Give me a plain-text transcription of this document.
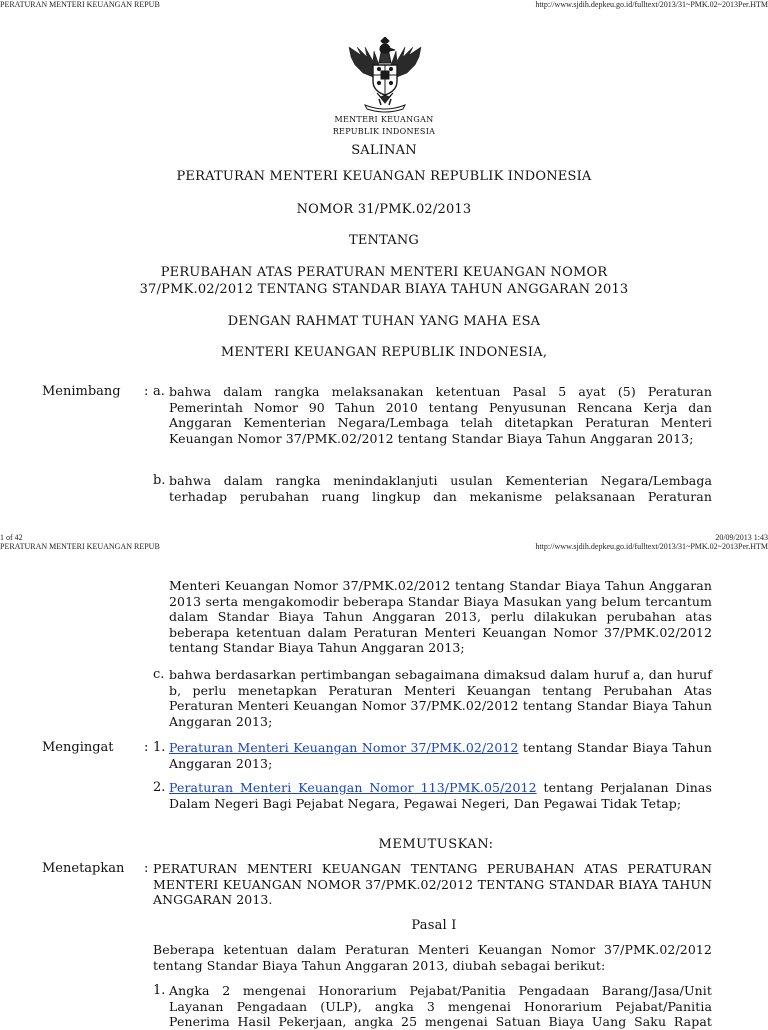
PERATURAN MENTERI KEUANGAN REPUB	http://www.sjdih.depkeu.go.id/fulltext/2013/31~PMK.02~2013Per.HTM
MENTERI KEUANGAN
REPUBLIK INDONESIA
SALINAN
PERATURAN MENTERI KEUANGAN REPUBLIK INDONESIA
NOMOR 31/PMK.02/2013
TENTANG
PERUBAHAN ATAS PERATURAN MENTERI KEUANGAN NOMOR
37/PMK.02/2012 TENTANG STANDAR BIAYA TAHUN ANGGARAN 2013
DENGAN RAHMAT TUHAN YANG MAHA ESA
MENTERI KEUANGAN REPUBLIK INDONESIA,
Menimbang : a. bahwa dalam rangka melaksanakan ketentuan Pasal 5 ayat (5) Peraturan Pemerintah Nomor 90 Tahun 2010 tentang Penyusunan Rencana Kerja dan Anggaran Kementerian Negara/Lembaga telah ditetapkan Peraturan Menteri Keuangan Nomor 37/PMK.02/2012 tentang Standar Biaya Tahun Anggaran 2013;
b. bahwa dalam rangka menindaklanjuti usulan Kementerian Negara/Lembaga terhadap perubahan ruang lingkup dan mekanisme pelaksanaan Peraturan
1 of 42	20/09/2013 1:43
PERATURAN MENTERI KEUANGAN REPUB	http://www.sjdih.depkeu.go.id/fulltext/2013/31~PMK.02~2013Per.HTM
Menteri Keuangan Nomor 37/PMK.02/2012 tentang Standar Biaya Tahun Anggaran 2013 serta mengakomodir beberapa Standar Biaya Masukan yang belum tercantum dalam Standar Biaya Tahun Anggaran 2013, perlu dilakukan perubahan atas beberapa ketentuan dalam Peraturan Menteri Keuangan Nomor 37/PMK.02/2012 tentang Standar Biaya Tahun Anggaran 2013;
c. bahwa berdasarkan pertimbangan sebagaimana dimaksud dalam huruf a, dan huruf b, perlu menetapkan Peraturan Menteri Keuangan tentang Perubahan Atas Peraturan Menteri Keuangan Nomor 37/PMK.02/2012 tentang Standar Biaya Tahun Anggaran 2013;
Mengingat : 1. Peraturan Menteri Keuangan Nomor 37/PMK.02/2012 tentang Standar Biaya Tahun Anggaran 2013;
2. Peraturan Menteri Keuangan Nomor 113/PMK.05/2012 tentang Perjalanan Dinas Dalam Negeri Bagi Pejabat Negara, Pegawai Negeri, Dan Pegawai Tidak Tetap;
MEMUTUSKAN:
Menetapkan : PERATURAN MENTERI KEUANGAN TENTANG PERUBAHAN ATAS PERATURAN MENTERI KEUANGAN NOMOR 37/PMK.02/2012 TENTANG STANDAR BIAYA TAHUN ANGGARAN 2013.
Pasal I
Beberapa ketentuan dalam Peraturan Menteri Keuangan Nomor 37/PMK.02/2012 tentang Standar Biaya Tahun Anggaran 2013, diubah sebagai berikut:
1. Angka 2 mengenai Honorarium Pejabat/Panitia Pengadaan Barang/Jasa/Unit Layanan Pengadaan (ULP), angka 3 mengenai Honorarium Pejabat/Panitia Penerima Hasil Pekerjaan, angka 25 mengenai Satuan Biaya Uang Saku Rapat
